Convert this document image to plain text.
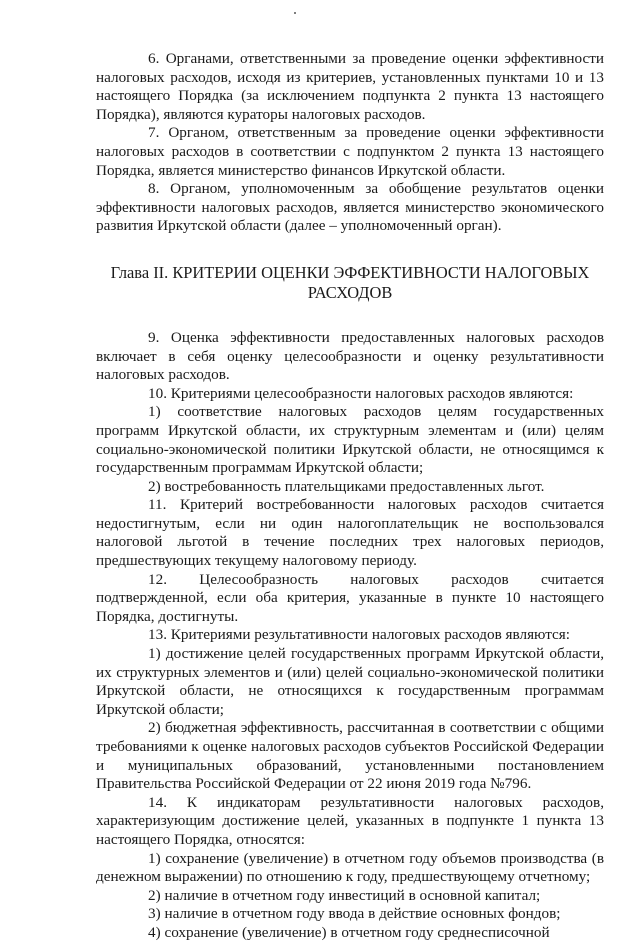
6. Органами, ответственными за проведение оценки эффективности налоговых расходов, исходя из критериев, установленных пунктами 10 и 13 настоящего Порядка (за исключением подпункта 2 пункта 13 настоящего Порядка), являются кураторы налоговых расходов.

7. Органом, ответственным за проведение оценки эффективности налоговых расходов в соответствии с подпунктом 2 пункта 13 настоящего Порядка, является министерство финансов Иркутской области.

8. Органом, уполномоченным за обобщение результатов оценки эффективности налоговых расходов, является министерство экономического развития Иркутской области (далее – уполномоченный орган).

Глава II. КРИТЕРИИ ОЦЕНКИ ЭФФЕКТИВНОСТИ НАЛОГОВЫХ РАСХОДОВ

9. Оценка эффективности предоставленных налоговых расходов включает в себя оценку целесообразности и оценку результативности налоговых расходов.

10. Критериями целесообразности налоговых расходов являются:

1) соответствие налоговых расходов целям государственных программ Иркутской области, их структурным элементам и (или) целям социально-экономической политики Иркутской области, не относящимся к государственным программам Иркутской области;

2) востребованность плательщиками предоставленных льгот.

11. Критерий востребованности налоговых расходов считается недостигнутым, если ни один налогоплательщик не воспользовался налоговой льготой в течение последних трех налоговых периодов, предшествующих текущему налоговому периоду.

12. Целесообразность налоговых расходов считается подтвержденной, если оба критерия, указанные в пункте 10 настоящего Порядка, достигнуты.

13. Критериями результативности налоговых расходов являются:

1) достижение целей государственных программ Иркутской области, их структурных элементов и (или) целей социально-экономической политики Иркутской области, не относящихся к государственным программам Иркутской области;

2) бюджетная эффективность, рассчитанная в соответствии с общими требованиями к оценке налоговых расходов субъектов Российской Федерации и муниципальных образований, установленными постановлением Правительства Российской Федерации от 22 июня 2019 года №796.

14. К индикаторам результативности налоговых расходов, характеризующим достижение целей, указанных в подпункте 1 пункта 13 настоящего Порядка, относятся:

1) сохранение (увеличение) в отчетном году объемов производства (в денежном выражении) по отношению к году, предшествующему отчетному;

2) наличие в отчетном году инвестиций в основной капитал;

3) наличие в отчетном году ввода в действие основных фондов;

4) сохранение (увеличение) в отчетном году среднесписочной
